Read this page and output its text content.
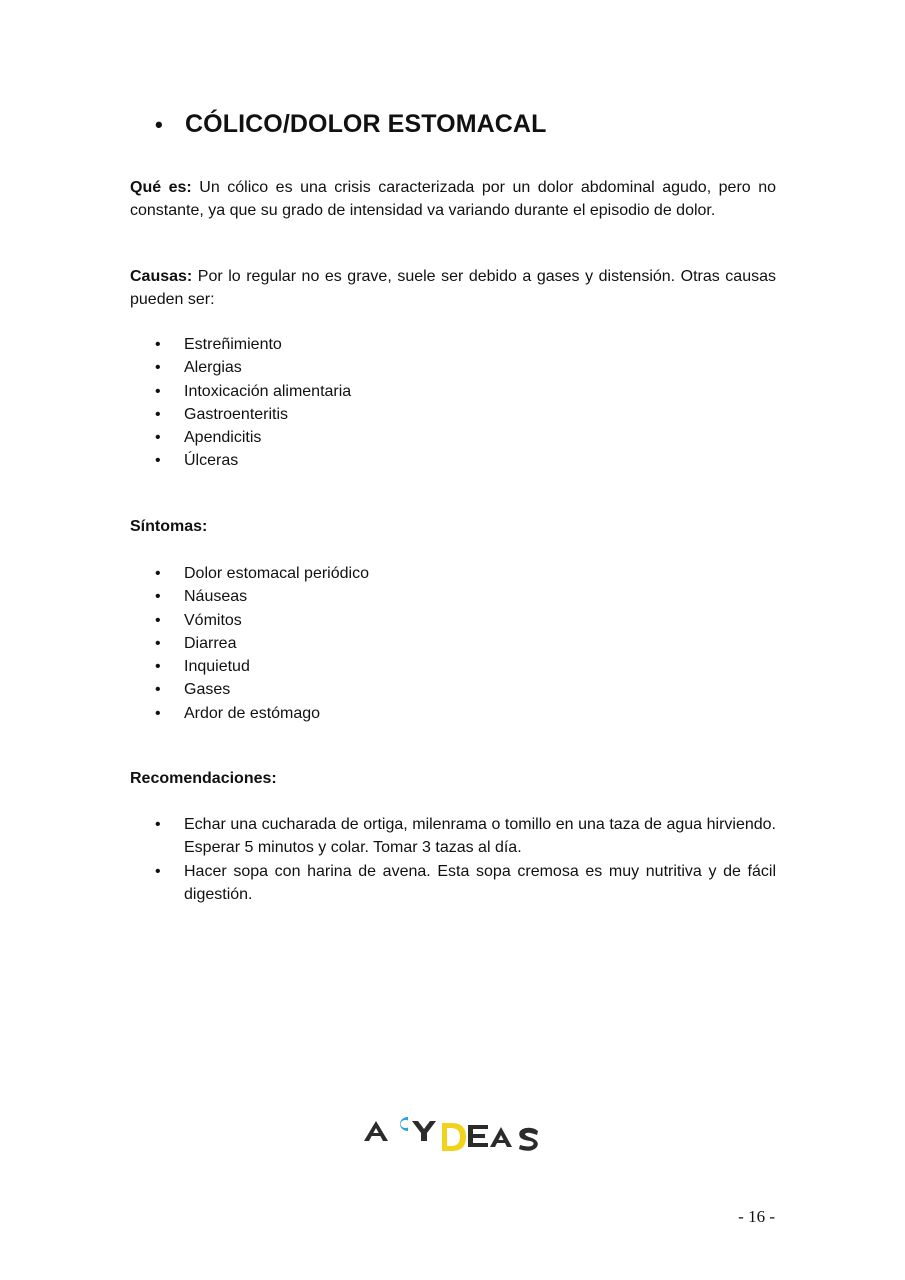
• CÓLICO/DOLOR ESTOMACAL
Qué es: Un cólico es una crisis caracterizada por un dolor abdominal agudo, pero no constante, ya que su grado de intensidad va variando durante el episodio de dolor.
Causas: Por lo regular no es grave, suele ser debido a gases y distensión. Otras causas pueden ser:
•	Estreñimiento
•	Alergias
•	Intoxicación alimentaria
•	Gastroenteritis
•	Apendicitis
•	Úlceras
Síntomas:
•	Dolor estomacal periódico
•	Náuseas
•	Vómitos
•	Diarrea
•	Inquietud
•	Gases
•	Ardor de estómago
Recomendaciones:
•	Echar una cucharada de ortiga, milenrama o tomillo en una taza de agua hirviendo. Esperar 5 minutos y colar. Tomar 3 tazas al día.
•	Hacer sopa con harina de avena. Esta sopa cremosa es muy nutritiva y de fácil digestión.
- 16 -
